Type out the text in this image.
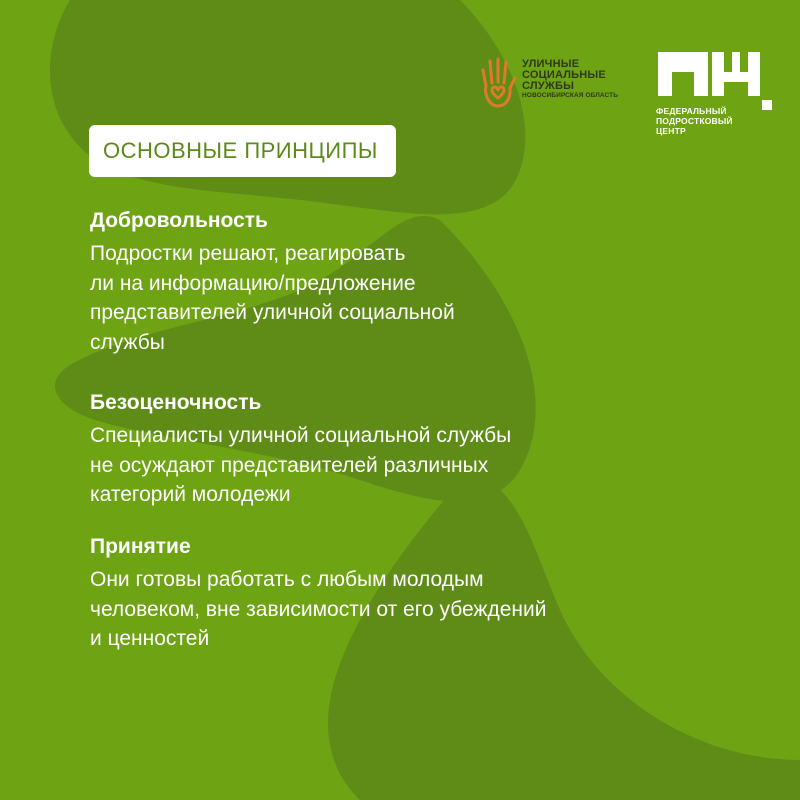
УЛИЧНЫЕ
СОЦИАЛЬНЫЕ
СЛУЖБЫ
НОВОСИБИРСКАЯ ОБЛАСТЬ
ФЕДЕРАЛЬНЫЙ
ПОДРОСТКОВЫЙ
ЦЕНТР
ОСНОВНЫЕ ПРИНЦИПЫ

Добровольность

Подростки решают, реагировать
ли на информацию/предложение
представителей уличной социальной
службы

Безоценочность

Специалисты уличной социальной службы
не осуждают представителей различных
категорий молодежи

Принятие

Они готовы работать с любым молодым
человеком, вне зависимости от его убеждений
и ценностей
